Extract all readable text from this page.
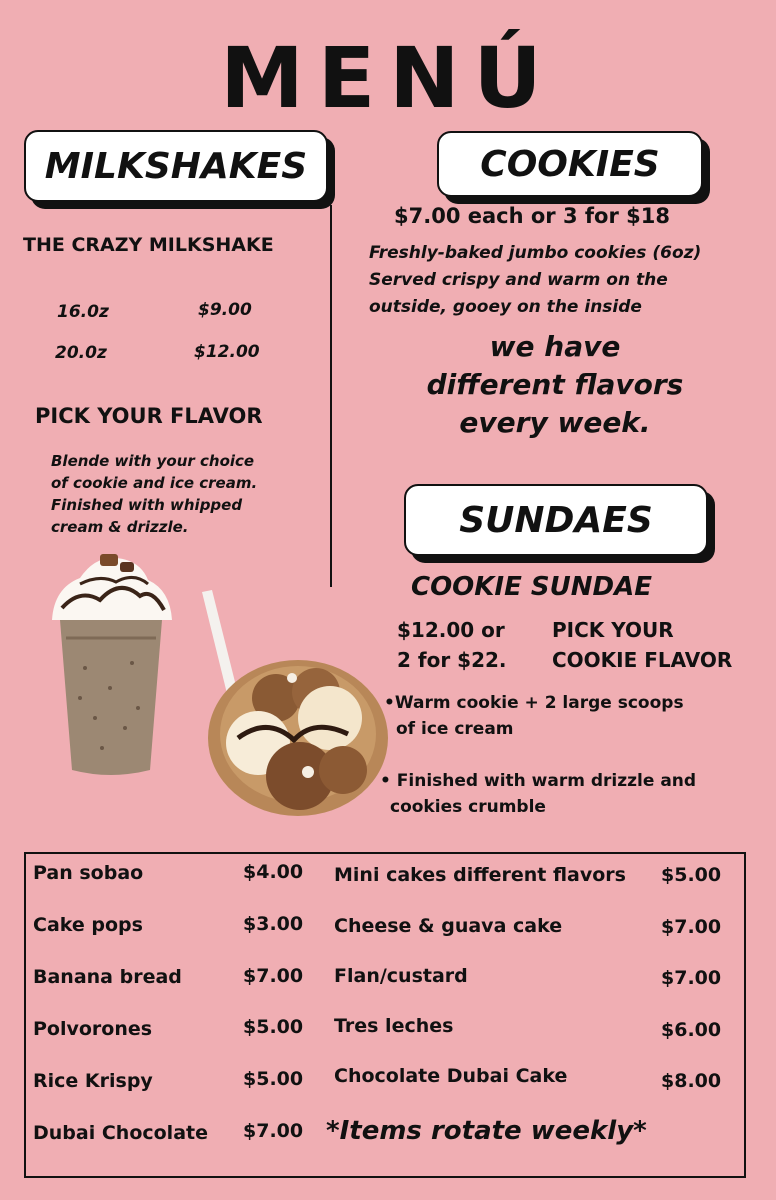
MENÚ
MILKSHAKES	COOKIES
SUNDAES
THE CRAZY MILKSHAKE
16.0z	$9.00
20.0z	$12.00
PICK YOUR FLAVOR
Blende with your choice
of cookie and ice cream.
Finished with whipped
cream & drizzle.
$7.00 each or 3 for $18
Freshly-baked jumbo cookies (6oz)
Served crispy and warm on the
outside, gooey on the inside
we have
different flavors
every week.
COOKIE SUNDAE
$12.00 or
2 for $22.
PICK YOUR
COOKIE FLAVOR
•Warm cookie + 2 large scoops
of ice cream
• Finished with warm drizzle and
cookies crumble
Pan sobao	$4.00
Cake pops	$3.00
Banana bread	$7.00
Polvorones	$5.00
Rice Krispy	$5.00
Dubai Chocolate $7.00
Mini cakes different flavors $5.00
Cheese & guava cake	$7.00
Flan/custard	$7.00
Tres leches	$6.00
Chocolate Dubai Cake	$8.00
*Items rotate weekly*
